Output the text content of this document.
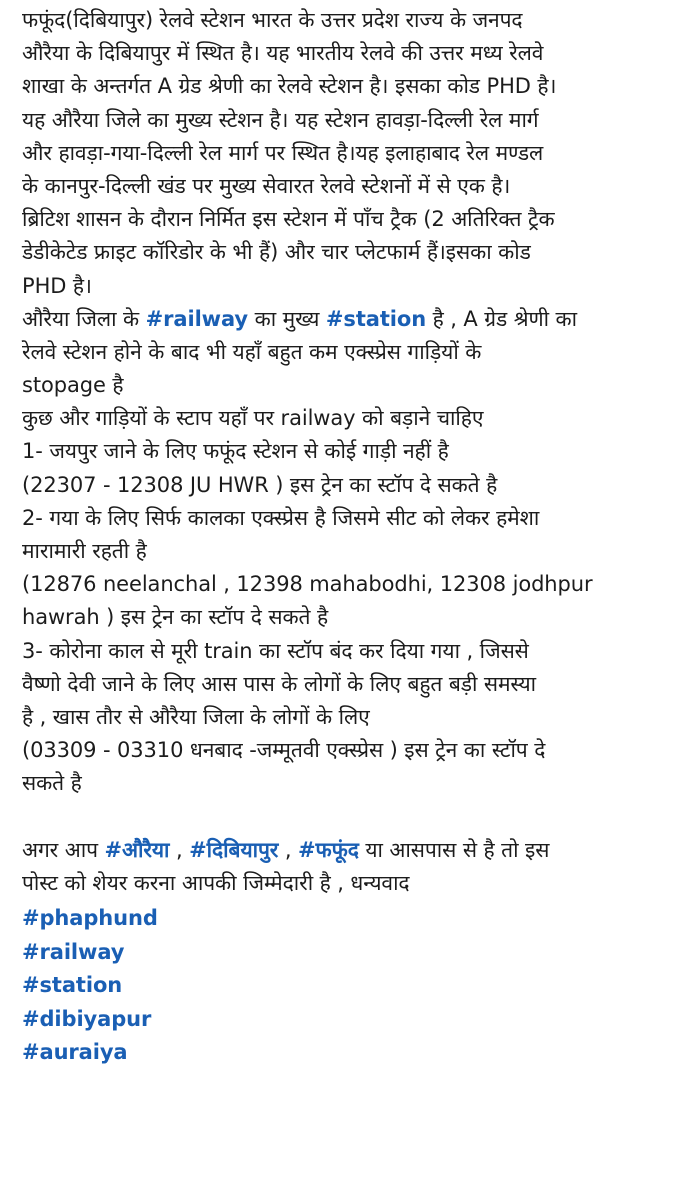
फफूंद(दिबियापुर) रेलवे स्टेशन भारत के उत्तर प्रदेश राज्य के जनपद
औरैया के दिबियापुर में स्थित है। यह भारतीय रेलवे की उत्तर मध्य रेलवे
शाखा के अन्तर्गत A ग्रेड श्रेणी का रेलवे स्टेशन है। इसका कोड PHD है।
यह औरैया जिले का मुख्य स्टेशन है। यह स्टेशन हावड़ा-दिल्ली रेल मार्ग
और हावड़ा-गया-दिल्ली रेल मार्ग पर स्थित है।यह इलाहाबाद रेल मण्डल
के कानपुर-दिल्ली खंड पर मुख्य सेवारत रेलवे स्टेशनों में से एक है।
ब्रिटिश शासन के दौरान निर्मित इस स्टेशन में पाँच ट्रैक (2 अतिरिक्त ट्रैक
डेडीकेटेड फ्राइट कॉरिडोर के भी हैं) और चार प्लेटफार्म हैं।इसका कोड
PHD है।
औरैया जिला के #railway का मुख्य #station है , A ग्रेड श्रेणी का
रेलवे स्टेशन होने के बाद भी यहाँ बहुत कम एक्स्प्रेस गाड़ियों के
stopage है
कुछ और गाड़ियों के स्टाप यहाँ पर railway को बड़ाने चाहिए
1- जयपुर जाने के लिए फफूंद स्टेशन से कोई गाड़ी नहीं है
(22307 - 12308 JU HWR ) इस ट्रेन का स्टॉप दे सकते है
2- गया के लिए सिर्फ कालका एक्स्प्रेस है जिसमे सीट को लेकर हमेशा
मारामारी रहती है
(12876 neelanchal , 12398 mahabodhi, 12308 jodhpur
hawrah ) इस ट्रेन का स्टॉप दे सकते है
3- कोरोना काल से मूरी train का स्टॉप बंद कर दिया गया , जिससे
वैष्णो देवी जाने के लिए आस पास के लोगों के लिए बहुत बड़ी समस्या
है , खास तौर से औरैया जिला के लोगों के लिए
(03309 - 03310 धनबाद -जम्मूतवी एक्स्प्रेस ) इस ट्रेन का स्टॉप दे
सकते है
अगर आप #औरैया , #दिबियापुर , #फफूंद या आसपास से है तो इस
पोस्ट को शेयर करना आपकी जिम्मेदारी है , धन्यवाद
#phaphund
#railway
#station
#dibiyapur
#auraiya
